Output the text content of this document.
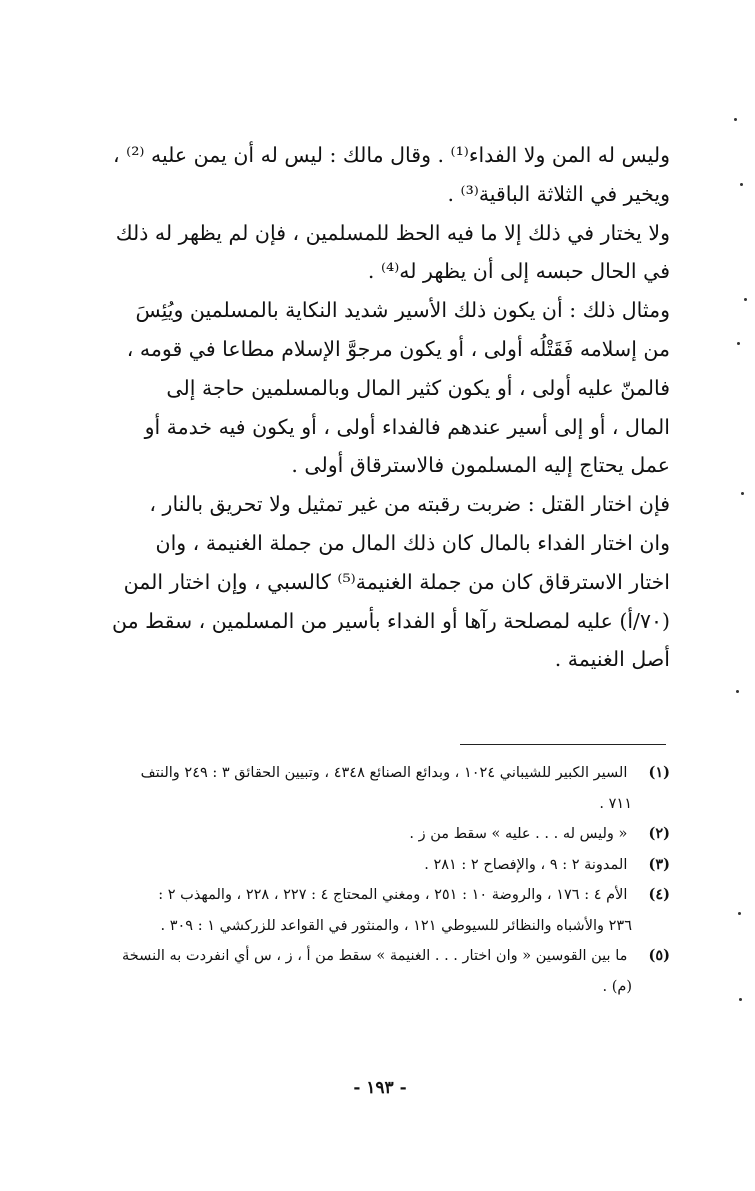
وليس له المن ولا الفداء⁽¹⁾ . وقال مالك : ليس له أن يمن عليه ⁽²⁾ ،
ويخير في الثلاثة الباقية⁽³⁾ .
ولا يختار في ذلك إلا ما فيه الحظ للمسلمين ، فإن لم يظهر له ذلك
في الحال حبسه إلى أن يظهر له⁽⁴⁾ .
ومثال ذلك : أن يكون ذلك الأسير شديد النكاية بالمسلمين ويُئِسَ
من إسلامه فَقَتْلُه أولى ، أو يكون مرجوَّ الإسلام مطاعا في قومه ،
فالمنّ عليه أولى ، أو يكون كثير المال وبالمسلمين حاجة إلى
المال ، أو إلى أسير عندهم فالفداء أولى ، أو يكون فيه خدمة أو
عمل يحتاج إليه المسلمون فالاسترقاق أولى .
فإن اختار القتل : ضربت رقبته من غير تمثيل ولا تحريق بالنار ،
وان اختار الفداء بالمال كان ذلك المال من جملة الغنيمة ، وان
اختار الاسترقاق كان من جملة الغنيمة⁽⁵⁾ كالسبي ، وإن اختار المن
(٧٠/أ) عليه لمصلحة رآها أو الفداء بأسير من المسلمين ، سقط من
أصل الغنيمة .
(١) السير الكبير للشيباني ١٠٢٤ ، وبدائع الصنائع ٤٣٤٨ ، وتبيين الحقائق ٣ : ٢٤٩ والنتف
٧١١ .
(٢) « وليس له . . . عليه » سقط من ز .
(٣) المدونة ٢ : ٩ ، والإفصاح ٢ : ٢٨١ .
(٤) الأم ٤ : ١٧٦ ، والروضة ١٠ : ٢٥١ ، ومغني المحتاج ٤ : ٢٢٧ ، ٢٢٨ ، والمهذب ٢ :
٢٣٦ والأشباه والنظائر للسيوطي ١٢١ ، والمنثور في القواعد للزركشي ١ : ٣٠٩ .
(٥) ما بين القوسين « وان اختار . . . الغنيمة » سقط من أ ، ز ، س أي انفردت به النسخة
(م) .
- ١٩٣ -
